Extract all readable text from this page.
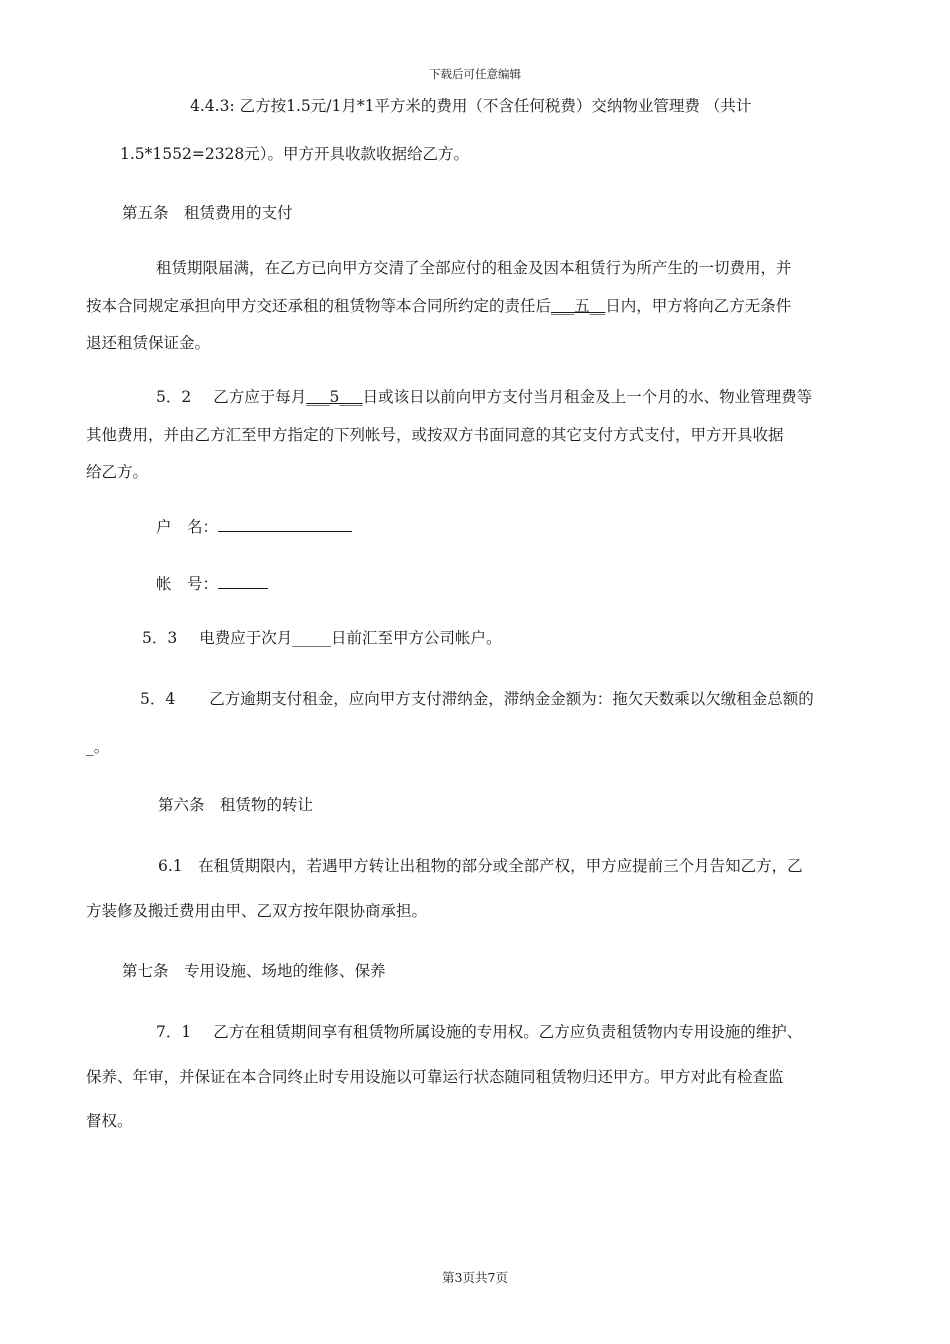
下载后可任意编辑
4.4.3: 乙方按1.5元/1月*1平方米的费用（不含任何税费）交纳物业管理费 （共计
1.5*1552=2328元）。甲方开具收款收据给乙方。
第五条　租赁费用的支付
租赁期限届满，在乙方已向甲方交清了全部应付的租金及因本租赁行为所产生的一切费用，并
按本合同规定承担向甲方交还承租的租赁物等本合同所约定的责任后___五__日内，甲方将向乙方无条件
退还租赁保证金。
5．2 乙方应于每月___5___日或该日以前向甲方支付当月租金及上一个月的水、物业管理费等
其他费用，并由乙方汇至甲方指定的下列帐号，或按双方书面同意的其它支付方式支付，甲方开具收据
给乙方。
户　名：
帐　号：
5．3 电费应于次月_____日前汇至甲方公司帐户。
5．4 乙方逾期支付租金，应向甲方支付滞纳金，滞纳金金额为：拖欠天数乘以欠缴租金总额的
_。
第六条　租赁物的转让
6.1　在租赁期限内，若遇甲方转让出租物的部分或全部产权，甲方应提前三个月告知乙方，乙
方装修及搬迁费用由甲、乙双方按年限协商承担。
第七条　专用设施、场地的维修、保养
7．1 乙方在租赁期间享有租赁物所属设施的专用权。乙方应负责租赁物内专用设施的维护、
保养、年审，并保证在本合同终止时专用设施以可靠运行状态随同租赁物归还甲方。甲方对此有检查监
督权。
第3页共7页
